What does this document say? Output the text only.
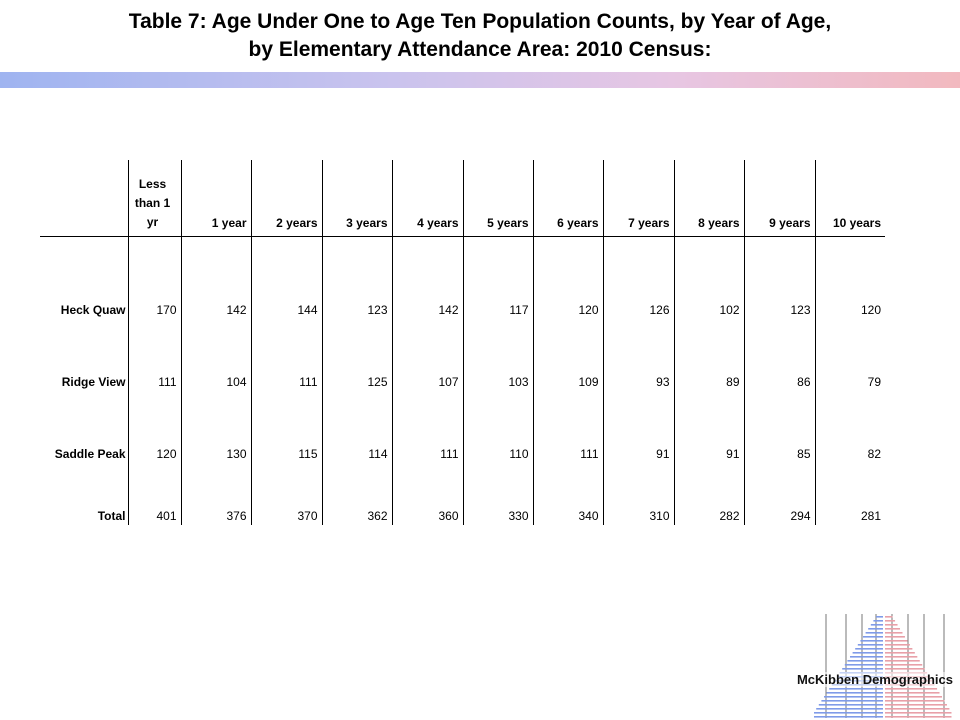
Table 7: Age Under One to Age Ten Population Counts, by Year of Age,
by Elementary Attendance Area: 2010 Census:

	Less than 1 yr	1 year	2 years	3 years	4 years	5 years	6 years	7 years	8 years	9 years	10 years
Heck Quaw	170	142	144	123	142	117	120	126	102	123	120
Ridge View	111	104	111	125	107	103	109	93	89	86	79
Saddle Peak	120	130	115	114	111	110	111	91	91	85	82
Total	401	376	370	362	360	330	340	310	282	294	281
McKibben Demographics
